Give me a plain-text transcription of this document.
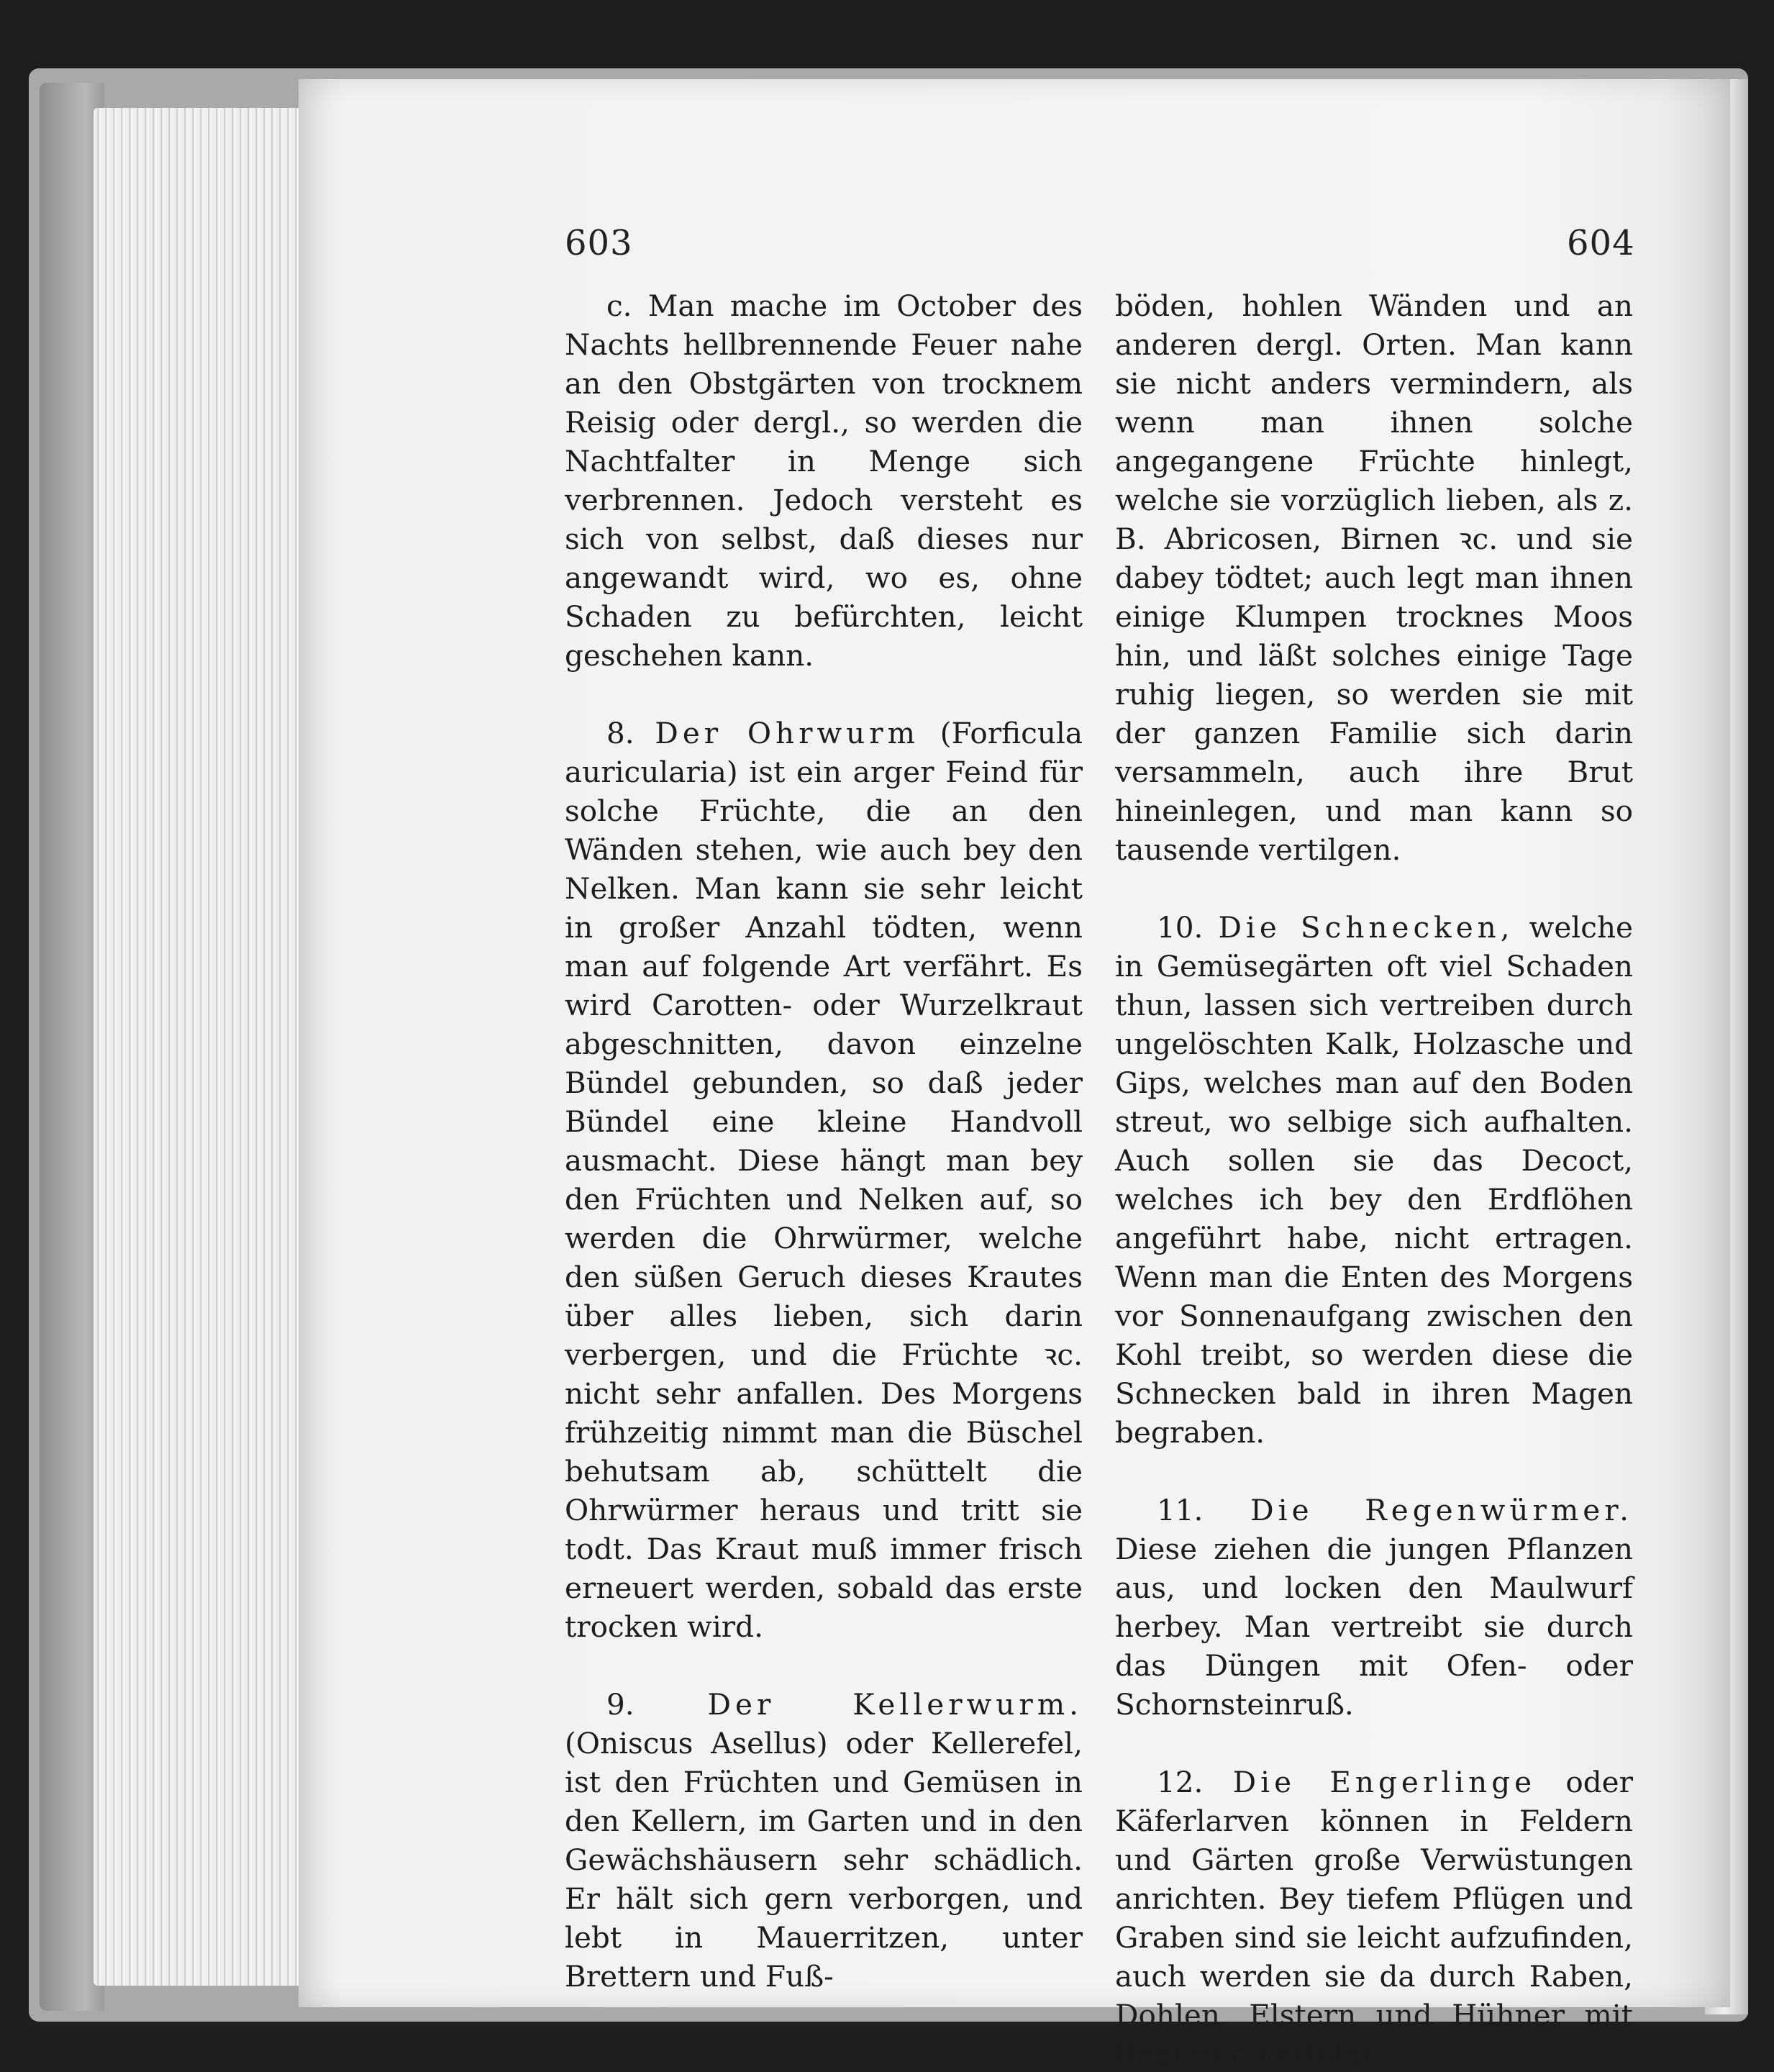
603	604

c. Man mache im October des Nachts hellbrennende Feuer nahe an den Obstgärten von trocknem Reisig oder dergl., so werden die Nachtfalter in Menge sich verbrennen. Jedoch versteht es sich von selbst, daß dieses nur angewandt wird, wo es, ohne Schaden zu befürchten, leicht geschehen kann.

8. Der Ohrwurm (Forficula auricularia) ist ein arger Feind für solche Früchte, die an den Wänden stehen, wie auch bey den Nelken. Man kann sie sehr leicht in großer Anzahl tödten, wenn man auf folgende Art verfährt. Es wird Carotten- oder Wurzelkraut abgeschnitten, davon einzelne Bündel gebunden, so daß jeder Bündel eine kleine Handvoll ausmacht. Diese hängt man bey den Früchten und Nelken auf, so werden die Ohrwürmer, welche den süßen Geruch dieses Krautes über alles lieben, sich darin verbergen, und die Früchte ꝛc. nicht sehr anfallen. Des Morgens frühzeitig nimmt man die Büschel behutsam ab, schüttelt die Ohrwürmer heraus und tritt sie todt. Das Kraut muß immer frisch erneuert werden, sobald das erste trocken wird.

9.	Der Kellerwurm. (Oniscus Asellus) oder Kellerefel, ist den Früchten und Gemüsen in den Kellern, im Garten und in den Gewächshäusern sehr schädlich. Er hält sich gern verborgen, und lebt in Mauerritzen, unter Brettern und Fuß-

böden, hohlen Wänden und an anderen dergl. Orten. Man kann sie nicht anders vermindern, als wenn man ihnen solche angegangene Früchte hinlegt, welche sie vorzüglich lieben, als z. B. Abricosen, Birnen ꝛc. und sie dabey tödtet; auch legt man ihnen einige Klumpen trocknes Moos hin, und läßt solches einige Tage ruhig liegen, so werden sie mit der ganzen Familie sich darin versammeln, auch ihre Brut hineinlegen, und man kann so tausende vertilgen.

10. Die Schnecken, welche in Gemüsegärten oft viel Schaden thun, lassen sich vertreiben durch ungelöschten Kalk, Holzasche und Gips, welches man auf den Boden streut, wo selbige sich aufhalten. Auch sollen sie das Decoct, welches ich bey den Erdflöhen angeführt habe, nicht ertragen. Wenn man die Enten des Morgens vor Sonnenaufgang zwischen den Kohl treibt, so werden diese die Schnecken bald in ihren Magen begraben.

11. Die Regenwürmer. Diese ziehen die jungen Pflanzen aus, und locken den Maulwurf herbey. Man vertreibt sie durch das Düngen mit Ofen- oder Schornsteinruß.

12. Die Engerlinge oder Käferlarven können in Feldern und Gärten große Verwüstungen anrichten. Bey tiefem Pflügen und Graben sind sie leicht aufzufinden, auch werden sie da durch Raben, Dohlen, Elstern und Hühner mit Begierde verfolgt.
